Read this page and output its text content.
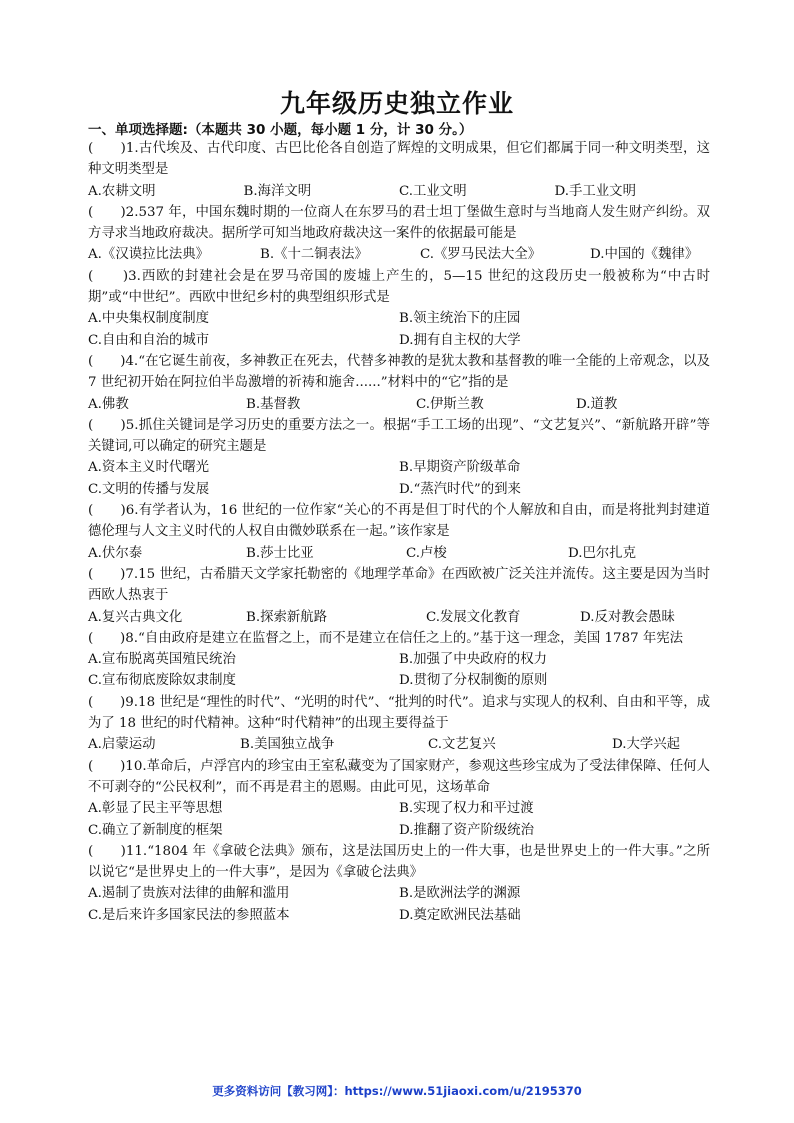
九年级历史独立作业
一、单项选择题:（本题共 30 小题，每小题 1 分，计 30 分。）

(　　)1.古代埃及、古代印度、古巴比伦各自创造了辉煌的文明成果，但它们都属于同一种文明类型，这种文明类型是

A.农耕文明	B.海洋文明	C.工业文明	D.手工业文明

(　　)2.537 年，中国东魏时期的一位商人在东罗马的君士坦丁堡做生意时与当地商人发生财产纠纷。双方寻求当地政府裁决。据所学可知当地政府裁决这一案件的依据最可能是

A.《汉谟拉比法典》	B.《十二铜表法》	C.《罗马民法大全》	D.中国的《魏律》

(　　)3.西欧的封建社会是在罗马帝国的废墟上产生的，5—15 世纪的这段历史一般被称为“中古时期”或“中世纪”。西欧中世纪乡村的典型组织形式是

A.中央集权制度制度	B.领主统治下的庄园
C.自由和自治的城市	D.拥有自主权的大学

(　　)4.“在它诞生前夜，多神教正在死去，代替多神教的是犹太教和基督教的唯一全能的上帝观念，以及 7 世纪初开始在阿拉伯半岛激增的祈祷和施舍......”材料中的“它”指的是

A.佛教	B.基督教	C.伊斯兰教	D.道教

(　　)5.抓住关键词是学习历史的重要方法之一。根据“手工工场的出现”、“文艺复兴”、“新航路开辟”等关键词,可以确定的研究主题是

A.资本主义时代曙光	B.早期资产阶级革命
C.文明的传播与发展	D.“蒸汽时代”的到来

(　　)6.有学者认为，16 世纪的一位作家“关心的不再是但丁时代的个人解放和自由，而是将批判封建道德伦理与人文主义时代的人权自由微妙联系在一起。”该作家是

A.伏尔泰	B.莎士比亚	C.卢梭	D.巴尔扎克

(　　)7.15 世纪，古希腊天文学家托勒密的《地理学革命》在西欧被广泛关注并流传。这主要是因为当时西欧人热衷于

A.复兴古典文化	B.探索新航路	C.发展文化教育	D.反对教会愚昧

(　　)8.“自由政府是建立在监督之上，而不是建立在信任之上的。”基于这一理念，美国 1787 年宪法

A.宣布脱离英国殖民统治	B.加强了中央政府的权力
C.宣布彻底废除奴隶制度	D.贯彻了分权制衡的原则

(　　)9.18 世纪是“理性的时代”、“光明的时代”、“批判的时代”。追求与实现人的权利、自由和平等，成为了 18 世纪的时代精神。这种“时代精神”的出现主要得益于

A.启蒙运动	B.美国独立战争	C.文艺复兴	D.大学兴起

(　　)10.革命后，卢浮宫内的珍宝由王室私藏变为了国家财产，参观这些珍宝成为了受法律保障、任何人不可剥夺的“公民权利”，而不再是君主的恩赐。由此可见，这场革命

A.彰显了民主平等思想	B.实现了权力和平过渡
C.确立了新制度的框架	D.推翻了资产阶级统治

(　　)11.“1804 年《拿破仑法典》颁布，这是法国历史上的一件大事，也是世界史上的一件大事。”之所以说它“是世界史上的一件大事”，是因为《拿破仑法典》

A.遏制了贵族对法律的曲解和滥用	B.是欧洲法学的渊源
C.是后来许多国家民法的参照蓝本	D.奠定欧洲民法基础
更多资料访问【教习网】：https://www.51jiaoxi.com/u/2195370
